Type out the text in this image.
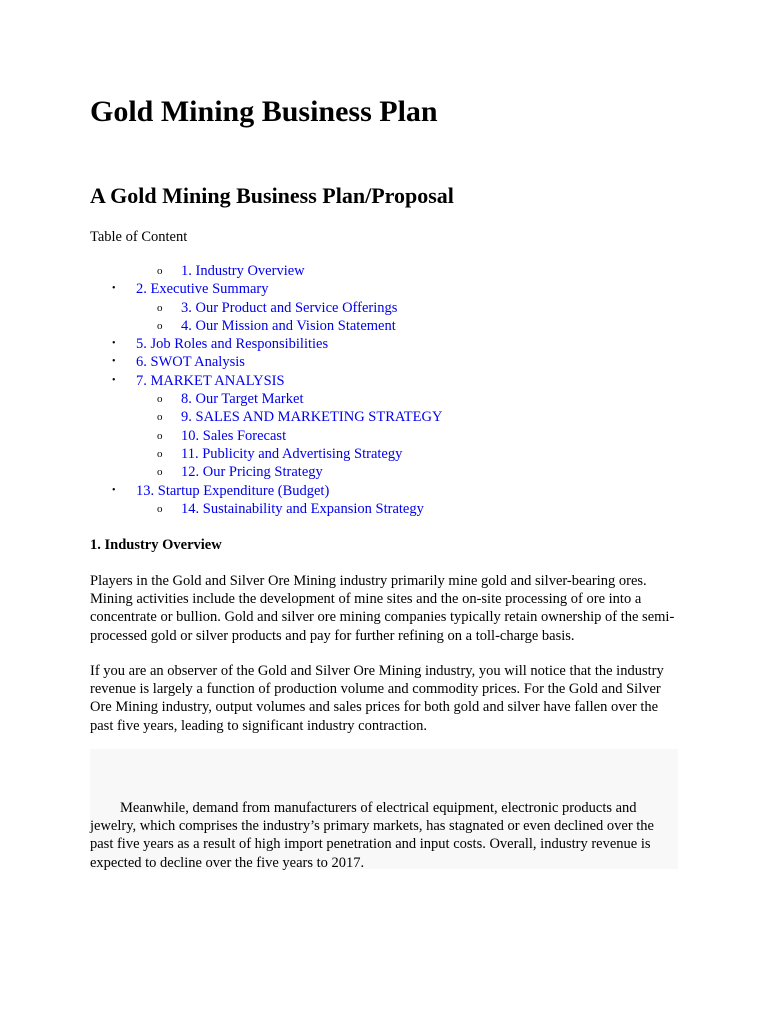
Gold Mining Business Plan
A Gold Mining Business Plan/Proposal

Table of Content

o 1. Industry Overview
• 2. Executive Summary
o 3. Our Product and Service Offerings
o 4. Our Mission and Vision Statement
• 5. Job Roles and Responsibilities
• 6. SWOT Analysis
• 7. MARKET ANALYSIS
o 8. Our Target Market
o 9. SALES AND MARKETING STRATEGY
o 10. Sales Forecast
o 11. Publicity and Advertising Strategy
o 12. Our Pricing Strategy
• 13. Startup Expenditure (Budget)
o 14. Sustainability and Expansion Strategy

1. Industry Overview

Players in the Gold and Silver Ore Mining industry primarily mine gold and silver-bearing ores. Mining activities include the development of mine sites and the on-site processing of ore into a concentrate or bullion. Gold and silver ore mining companies typically retain ownership of the semi-processed gold or silver products and pay for further refining on a toll-charge basis.

If you are an observer of the Gold and Silver Ore Mining industry, you will notice that the industry revenue is largely a function of production volume and commodity prices. For the Gold and Silver Ore Mining industry, output volumes and sales prices for both gold and silver have fallen over the past five years, leading to significant industry contraction.

Meanwhile, demand from manufacturers of electrical equipment, electronic products and jewelry, which comprises the industry’s primary markets, has stagnated or even declined over the past five years as a result of high import penetration and input costs. Overall, industry revenue is expected to decline over the five years to 2017.
